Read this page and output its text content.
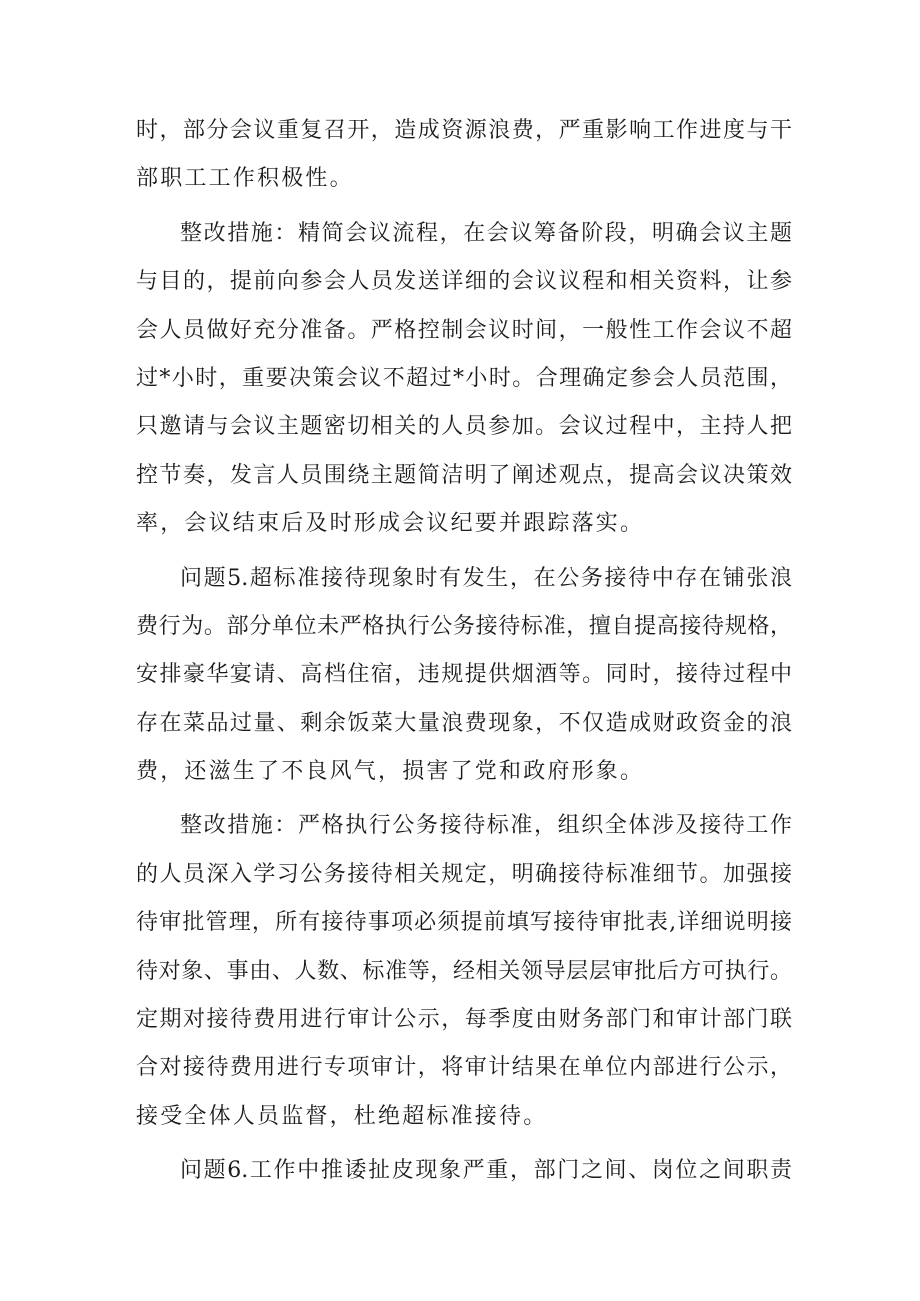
时，部分会议重复召开，造成资源浪费，严重影响工作进度与干
部职工工作积极性。
整改措施：精简会议流程，在会议筹备阶段，明确会议主题
与目的，提前向参会人员发送详细的会议议程和相关资料，让参
会人员做好充分准备。严格控制会议时间，一般性工作会议不超
过*小时，重要决策会议不超过*小时。合理确定参会人员范围，
只邀请与会议主题密切相关的人员参加。会议过程中，主持人把
控节奏，发言人员围绕主题简洁明了阐述观点，提高会议决策效
率，会议结束后及时形成会议纪要并跟踪落实。
问题5.超标准接待现象时有发生，在公务接待中存在铺张浪
费行为。部分单位未严格执行公务接待标准，擅自提高接待规格，
安排豪华宴请、高档住宿，违规提供烟酒等。同时，接待过程中
存在菜品过量、剩余饭菜大量浪费现象，不仅造成财政资金的浪
费，还滋生了不良风气，损害了党和政府形象。
整改措施：严格执行公务接待标准，组织全体涉及接待工作
的人员深入学习公务接待相关规定，明确接待标准细节。加强接
待审批管理，所有接待事项必须提前填写接待审批表,详细说明接
待对象、事由、人数、标准等，经相关领导层层审批后方可执行。
定期对接待费用进行审计公示，每季度由财务部门和审计部门联
合对接待费用进行专项审计，将审计结果在单位内部进行公示，
接受全体人员监督，杜绝超标准接待。
问题6.工作中推诿扯皮现象严重，部门之间、岗位之间职责
